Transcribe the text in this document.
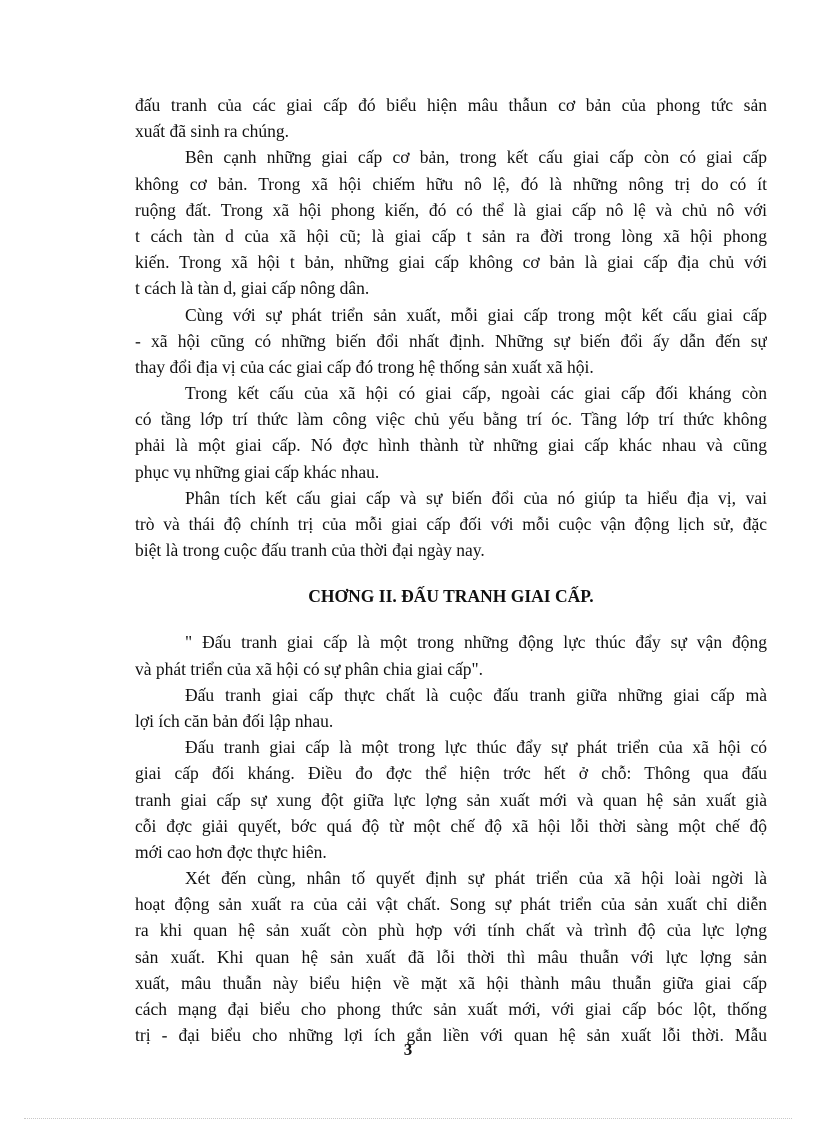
đấu tranh của các giai cấp đó biểu hiện mâu thẫun cơ bản của phong tức sản
xuất đã sinh ra chúng.
Bên cạnh những giai cấp cơ bản, trong kết cấu giai cấp còn có giai cấp
không cơ bản. Trong xã hội chiếm hữu nô lệ, đó là những nông trị do có ít
ruộng đất. Trong xã hội phong kiến, đó có thể là giai cấp nô lệ và chủ nô với
t cách tàn d của xã hội cũ; là giai cấp t sản ra đời trong lòng xã hội phong
kiến. Trong xã hội t bản, những giai cấp không cơ bản là giai cấp địa chủ với
t cách là tàn d, giai cấp nông dân.
Cùng với sự phát triển sản xuất, mỗi giai cấp trong một kết cấu giai cấp
- xã hội cũng có những biến đổi nhất định. Những sự biến đổi ấy dẫn đến sự
thay đổi địa vị của các giai cấp đó trong hệ thống sản xuất xã hội.
Trong kết cấu của xã hội có giai cấp, ngoài các giai cấp đối kháng còn
có tầng lớp trí thức làm công việc chủ yếu bằng trí óc. Tầng lớp trí thức không
phải là một giai cấp. Nó đợc hình thành từ những giai cấp khác nhau và cũng
phục vụ những giai cấp khác nhau.
Phân tích kết cấu giai cấp và sự biến đổi của nó giúp ta hiểu địa vị, vai
trò và thái độ chính trị của mỗi giai cấp đối với mỗi cuộc vận động lịch sử, đặc
biệt là trong cuộc đấu tranh của thời đại ngày nay.
CHƠNG II. ĐẤU TRANH GIAI CẤP.
" Đấu tranh giai cấp là một trong những động lực thúc đẩy sự vận động
và phát triển của xã hội có sự phân chia giai cấp".
Đấu tranh giai cấp thực chất là cuộc đấu tranh giữa những giai cấp mà
lợi ích căn bản đối lập nhau.
Đấu tranh giai cấp là một trong lực thúc đẩy sự phát triển của xã hội có
giai cấp đối kháng. Điều đo đợc thể hiện trớc hết ở chỗ: Thông qua đấu
tranh giai cấp sự xung đột giữa lực lợng sản xuất mới và quan hệ sản xuất già
cỗi đợc giải quyết, bớc quá độ từ một chế độ xã hội lỗi thời sàng một chế độ
mới cao hơn đợc thực hiên.
Xét đến cùng, nhân tố quyết định sự phát triển của xã hội loài ngời là
hoạt động sản xuất ra của cải vật chất. Song sự phát triển của sản xuất chỉ diễn
ra khi quan hệ sản xuất còn phù hợp với tính chất và trình độ của lực lợng
sản xuất. Khi quan hệ sản xuất đã lỗi thời thì mâu thuẫn với lực lợng sản
xuất, mâu thuẫn này biểu hiện về mặt xã hội thành mâu thuẫn giữa giai cấp
cách mạng đại biểu cho phong thức sản xuất mới, với giai cấp bóc lột, thống
trị - đại biểu cho những lợi ích gắn liền với quan hệ sản xuất lỗi thời. Mẫu
3
